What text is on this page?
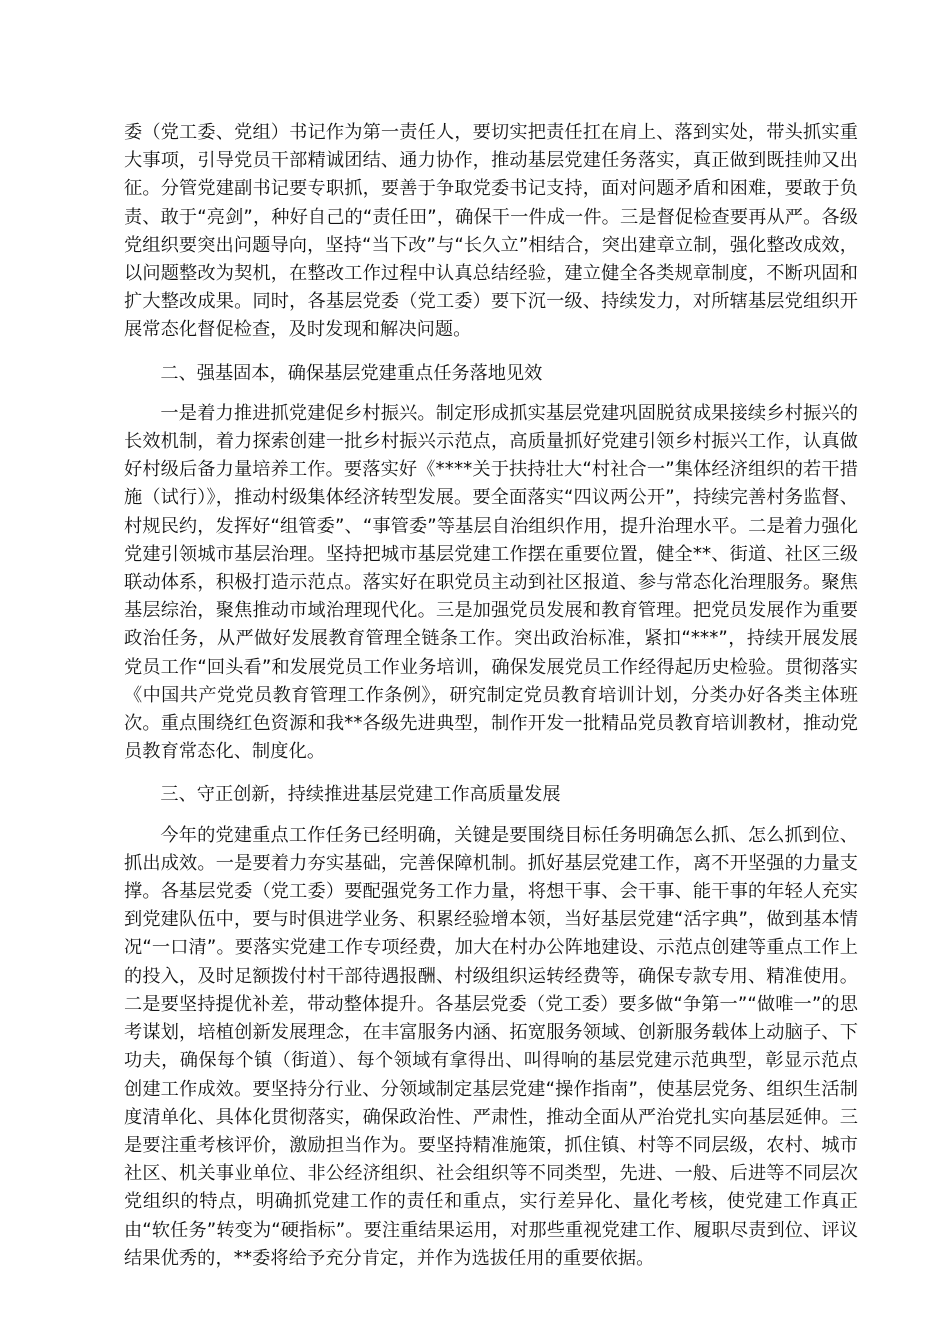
委（党工委、党组）书记作为第一责任人，要切实把责任扛在肩上、落到实处，带头抓实重大事项，引导党员干部精诚团结、通力协作，推动基层党建任务落实，真正做到既挂帅又出征。分管党建副书记要专职抓，要善于争取党委书记支持，面对问题矛盾和困难，要敢于负责、敢于“亮剑”，种好自己的“责任田”，确保干一件成一件。三是督促检查要再从严。各级党组织要突出问题导向，坚持“当下改”与“长久立”相结合，突出建章立制，强化整改成效，以问题整改为契机，在整改工作过程中认真总结经验，建立健全各类规章制度，不断巩固和扩大整改成果。同时，各基层党委（党工委）要下沉一级、持续发力，对所辖基层党组织开展常态化督促检查，及时发现和解决问题。

二、强基固本，确保基层党建重点任务落地见效

一是着力推进抓党建促乡村振兴。制定形成抓实基层党建巩固脱贫成果接续乡村振兴的长效机制，着力探索创建一批乡村振兴示范点，高质量抓好党建引领乡村振兴工作，认真做好村级后备力量培养工作。要落实好《****关于扶持壮大“村社合一”集体经济组织的若干措施（试行）》，推动村级集体经济转型发展。要全面落实“四议两公开”，持续完善村务监督、村规民约，发挥好“组管委”、“事管委”等基层自治组织作用，提升治理水平。二是着力强化党建引领城市基层治理。坚持把城市基层党建工作摆在重要位置，健全**、街道、社区三级联动体系，积极打造示范点。落实好在职党员主动到社区报道、参与常态化治理服务。聚焦基层综治，聚焦推动市域治理现代化。三是加强党员发展和教育管理。把党员发展作为重要政治任务，从严做好发展教育管理全链条工作。突出政治标准，紧扣“***”，持续开展发展党员工作“回头看”和发展党员工作业务培训，确保发展党员工作经得起历史检验。贯彻落实《中国共产党党员教育管理工作条例》，研究制定党员教育培训计划，分类办好各类主体班次。重点围绕红色资源和我**各级先进典型，制作开发一批精品党员教育培训教材，推动党员教育常态化、制度化。

三、守正创新，持续推进基层党建工作高质量发展

今年的党建重点工作任务已经明确，关键是要围绕目标任务明确怎么抓、怎么抓到位、抓出成效。一是要着力夯实基础，完善保障机制。抓好基层党建工作，离不开坚强的力量支撑。各基层党委（党工委）要配强党务工作力量，将想干事、会干事、能干事的年轻人充实到党建队伍中，要与时俱进学业务、积累经验增本领，当好基层党建“活字典”，做到基本情况“一口清”。要落实党建工作专项经费，加大在村办公阵地建设、示范点创建等重点工作上的投入，及时足额拨付村干部待遇报酬、村级组织运转经费等，确保专款专用、精准使用。二是要坚持提优补差，带动整体提升。各基层党委（党工委）要多做“争第一”“做唯一”的思考谋划，培植创新发展理念，在丰富服务内涵、拓宽服务领域、创新服务载体上动脑子、下功夫，确保每个镇（街道）、每个领域有拿得出、叫得响的基层党建示范典型，彰显示范点创建工作成效。要坚持分行业、分领域制定基层党建“操作指南”，使基层党务、组织生活制度清单化、具体化贯彻落实，确保政治性、严肃性，推动全面从严治党扎实向基层延伸。三是要注重考核评价，激励担当作为。要坚持精准施策，抓住镇、村等不同层级，农村、城市社区、机关事业单位、非公经济组织、社会组织等不同类型，先进、一般、后进等不同层次党组织的特点，明确抓党建工作的责任和重点，实行差异化、量化考核，使党建工作真正由“软任务”转变为“硬指标”。要注重结果运用，对那些重视党建工作、履职尽责到位、评议结果优秀的，**委将给予充分肯定，并作为选拔任用的重要依据。
